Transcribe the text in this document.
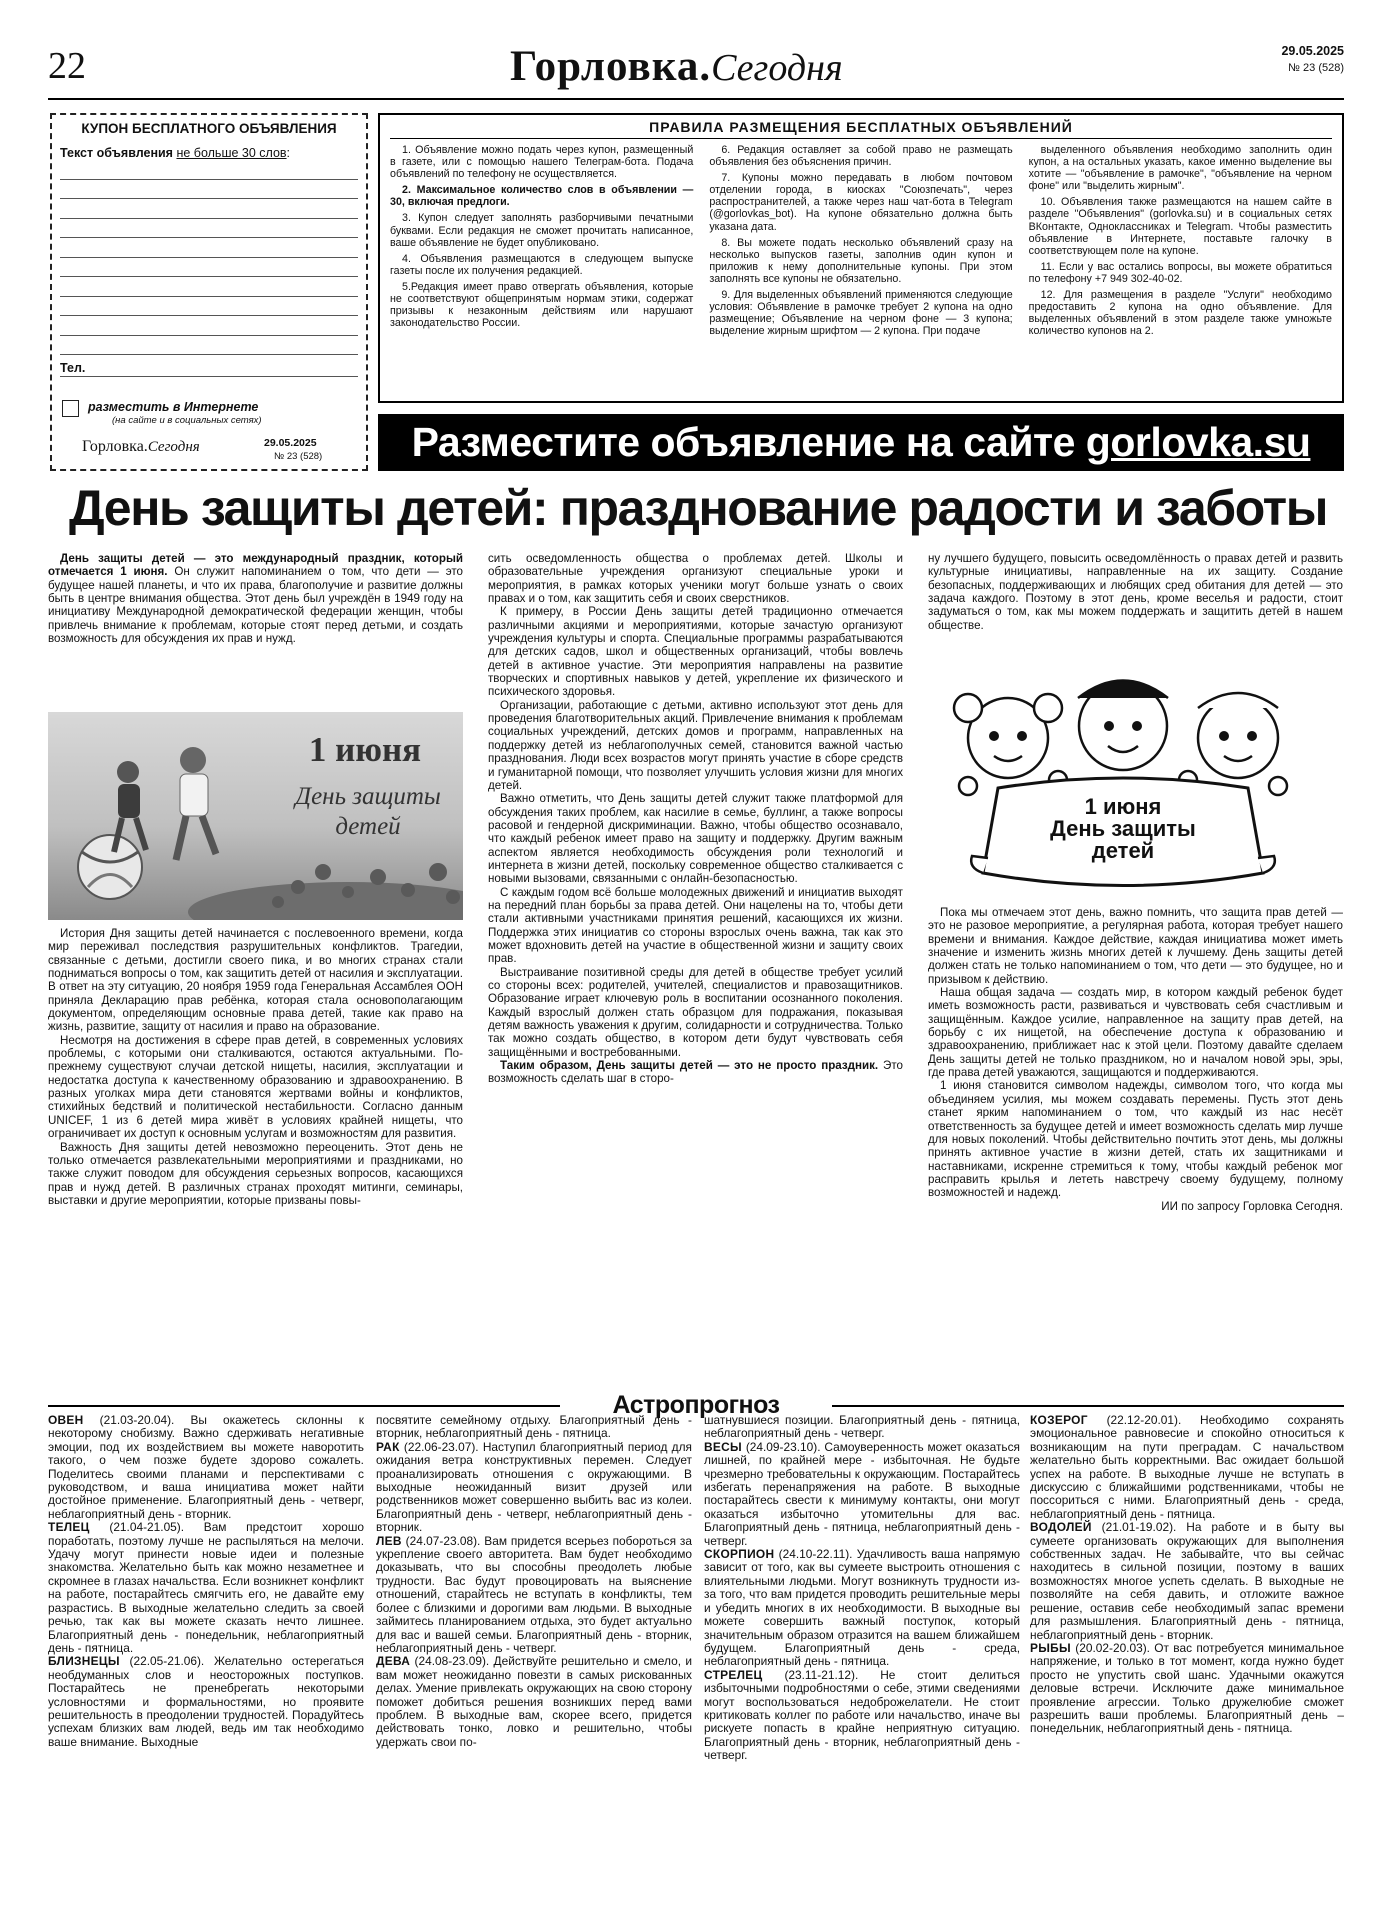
22	Горловка.Сегодня	29.05.2025
№ 23 (528)
КУПОН БЕСПЛАТНОГО ОБЪЯВЛЕНИЯ
Текст объявления не больше 30 слов:
Тел.
разместить в Интернете
(на сайте и в социальных сетях)
Горловка.Сегодня	29.05.2025
№ 23 (528)
ПРАВИЛА РАЗМЕЩЕНИЯ БЕСПЛАТНЫХ ОБЪЯВЛЕНИЙ

1. Объявление можно подать через купон, размещенный в газете, или с помощью нашего Телеграм-бота. Подача объявлений по телефону не осуществляется.

2. Максимальное количество слов в объявлении — 30, включая предлоги.

3. Купон следует заполнять разборчивыми печатными буквами. Если редакция не сможет прочитать написанное, ваше объявление не будет опубликовано.

4. Объявления размещаются в следующем выпуске газеты после их получения редакцией.

5.Редакция имеет право отвергать объявления, которые не соответствуют общепринятым нормам этики, содержат призывы к незаконным действиям или нарушают законодательство России.

6. Редакция оставляет за собой право не размещать объявления без объяснения причин.

7. Купоны можно передавать в любом почтовом отделении города, в киосках "Союзпечать", через распространителей, а также через наш чат-бота в Telegram (@gorlovkas_bot). На купоне обязательно должна быть указана дата.

8. Вы можете подать несколько объявлений сразу на несколько выпусков газеты, заполнив один купон и приложив к нему дополнительные купоны. При этом заполнять все купоны не обязательно.

9. Для выделенных объявлений применяются следующие условия: Объявление в рамочке требует 2 купона на одно размещение; Объявление на черном фоне — 3 купона; выделение жирным шрифтом — 2 купона. При подаче

выделенного объявления необходимо заполнить один купон, а на остальных указать, какое именно выделение вы хотите — "объявление в рамочке", "объявление на черном фоне" или "выделить жирным".

10. Объявления также размещаются на нашем сайте в разделе "Объявления" (gorlovka.su) и в социальных сетях ВКонтакте, Одноклассниках и Telegram. Чтобы разместить объявление в Интернете, поставьте галочку в соответствующем поле на купоне.

11. Если у вас остались вопросы, вы можете обратиться по телефону +7 949 302-40-02.

12. Для размещения в разделе "Услуги" необходимо предоставить 2 купона на одно объявление. Для выделенных объявлений в этом разделе также умножьте количество купонов на 2.

Разместите объявление на сайте gorlovka.su
День защиты детей: празднование радости и заботы

День защиты детей — это международный праздник, который отмечается 1 июня. Он служит напоминанием о том, что дети — это будущее нашей планеты, и что их права, благополучие и развитие должны быть в центре внимания общества. Этот день был учреждён в 1949 году на инициативу Международной демократической федерации женщин, чтобы привлечь внимание к проблемам, которые стоят перед детьми, и создать возможность для обсуждения их прав и нужд.

1 июня
День защиты детей

История Дня защиты детей начинается с послевоенного времени, когда мир переживал последствия разрушительных конфликтов. Трагедии, связанные с детьми, достигли своего пика, и во многих странах стали подниматься вопросы о том, как защитить детей от насилия и эксплуатации. В ответ на эту ситуацию, 20 ноября 1959 года Генеральная Ассамблея ООН приняла Декларацию прав ребёнка, которая стала основополагающим документом, определяющим основные права детей, такие как право на жизнь, развитие, защиту от насилия и право на образование.

Несмотря на достижения в сфере прав детей, в современных условиях проблемы, с которыми они сталкиваются, остаются актуальными. По-прежнему существуют случаи детской нищеты, насилия, эксплуатации и недостатка доступа к качественному образованию и здравоохранению. В разных уголках мира дети становятся жертвами войны и конфликтов, стихийных бедствий и политической нестабильности. Согласно данным UNICEF, 1 из 6 детей мира живёт в условиях крайней нищеты, что ограничивает их доступ к основным услугам и возможностям для развития.

Важность Дня защиты детей невозможно переоценить. Этот день не только отмечается развлекательными мероприятиями и праздниками, но также служит поводом для обсуждения серьезных вопросов, касающихся прав и нужд детей. В различных странах проходят митинги, семинары, выставки и другие мероприятии, которые призваны повы-

сить осведомленность общества о проблемах детей. Школы и образовательные учреждения организуют специальные уроки и мероприятия, в рамках которых ученики могут больше узнать о своих правах и о том, как защитить себя и своих сверстников.

К примеру, в России День защиты детей традиционно отмечается различными акциями и мероприятиями, которые зачастую организуют учреждения культуры и спорта. Специальные программы разрабатываются для детских садов, школ и общественных организаций, чтобы вовлечь детей в активное участие. Эти мероприятия направлены на развитие творческих и спортивных навыков у детей, укрепление их физического и психического здоровья.

Организации, работающие с детьми, активно используют этот день для проведения благотворительных акций. Привлечение внимания к проблемам социальных учреждений, детских домов и программ, направленных на поддержку детей из неблагополучных семей, становится важной частью празднования. Люди всех возрастов могут принять участие в сборе средств и гуманитарной помощи, что позволяет улучшить условия жизни для многих детей.

Важно отметить, что День защиты детей служит также платформой для обсуждения таких проблем, как насилие в семье, буллинг, а также вопросы расовой и гендерной дискриминации. Важно, чтобы общество осознавало, что каждый ребенок имеет право на защиту и поддержку. Другим важным аспектом является необходимость обсуждения роли технологий и интернета в жизни детей, поскольку современное общество сталкивается с новыми вызовами, связанными с онлайн-безопасностью.

С каждым годом всё больше молодежных движений и инициатив выходят на передний план борьбы за права детей. Они нацелены на то, чтобы дети стали активными участниками принятия решений, касающихся их жизни. Поддержка этих инициатив со стороны взрослых очень важна, так как это может вдохновить детей на участие в общественной жизни и защиту своих прав.

Выстраивание позитивной среды для детей в обществе требует усилий со стороны всех: родителей, учителей, специалистов и правозащитников. Образование играет ключевую роль в воспитании осознанного поколения. Каждый взрослый должен стать образцом для подражания, показывая детям важность уважения к другим, солидарности и сотрудничества. Только так можно создать общество, в котором дети будут чувствовать себя защищёнными и востребованными.

Таким образом, День защиты детей — это не просто праздник. Это возможность сделать шаг в сторо-

ну лучшего будущего, повысить осведомлённость о правах детей и развить культурные инициативы, направленные на их защиту. Создание безопасных, поддерживающих и любящих сред обитания для детей — это задача каждого. Поэтому в этот день, кроме веселья и радости, стоит задуматься о том, как мы можем поддержать и защитить детей в нашем обществе.

1 июня
День защиты
детей

Пока мы отмечаем этот день, важно помнить, что защита прав детей — это не разовое мероприятие, а регулярная работа, которая требует нашего времени и внимания. Каждое действие, каждая инициатива может иметь значение и изменить жизнь многих детей к лучшему. День защиты детей должен стать не только напоминанием о том, что дети — это будущее, но и призывом к действию.

Наша общая задача — создать мир, в котором каждый ребенок будет иметь возможность расти, развиваться и чувствовать себя счастливым и защищённым. Каждое усилие, направленное на защиту прав детей, на борьбу с их нищетой, на обеспечение доступа к образованию и здравоохранению, приближает нас к этой цели. Поэтому давайте сделаем День защиты детей не только праздником, но и началом новой эры, эры, где права детей уважаются, защищаются и поддерживаются.

1 июня становится символом надежды, символом того, что когда мы объединяем усилия, мы можем создавать перемены. Пусть этот день станет ярким напоминанием о том, что каждый из нас несёт ответственность за будущее детей и имеет возможность сделать мир лучше для новых поколений. Чтобы действительно почтить этот день, мы должны принять активное участие в жизни детей, стать их защитниками и наставниками, искренне стремиться к тому, чтобы каждый ребенок мог расправить крылья и лететь навстречу своему будущему, полному возможностей и надежд.

ИИ по запросу Горловка Сегодня.

Астропрогноз
ОВЕН (21.03-20.04). Вы окажетесь склонны к некоторому снобизму. Важно сдерживать негативные эмоции, под их воздействием вы можете наворотить такого, о чем позже будете здорово сожалеть. Поделитесь своими планами и перспективами с руководством, и ваша инициатива может найти достойное применение. Благоприятный день - четверг, неблагоприятный день - вторник.
ТЕЛЕЦ (21.04-21.05). Вам предстоит хорошо поработать, поэтому лучше не распыляться на мелочи. Удачу могут принести новые идеи и полезные знакомства. Желательно быть как можно незаметнее и скромнее в глазах начальства. Если возникнет конфликт на работе, постарайтесь смягчить его, не давайте ему разрастись. В выходные желательно следить за своей речью, так как вы можете сказать нечто лишнее. Благоприятный день - понедельник, неблагоприятный день - пятница.
БЛИЗНЕЦЫ (22.05-21.06). Желательно остерегаться необдуманных слов и неосторожных поступков. Постарайтесь не пренебрегать некоторыми условностями и формальностями, но проявите решительность в преодолении трудностей. Порадуйтесь успехам близких вам людей, ведь им так необходимо ваше внимание. Выходные
посвятите семейному отдыху. Благоприятный день - вторник, неблагоприятный день - пятница.
РАК (22.06-23.07). Наступил благоприятный период для ожидания ветра конструктивных перемен. Следует проанализировать отношения с окружающими. В выходные неожиданный визит друзей или родственников может совершенно выбить вас из колеи. Благоприятный день - четверг, неблагоприятный день - вторник.
ЛЕВ (24.07-23.08). Вам придется всерьез побороться за укрепление своего авторитета. Вам будет необходимо доказывать, что вы способны преодолеть любые трудности. Вас будут провоцировать на выяснение отношений, старайтесь не вступать в конфликты, тем более с близкими и дорогими вам людьми. В выходные займитесь планированием отдыха, это будет актуально для вас и вашей семьи. Благоприятный день - вторник, неблагоприятный день - четверг.
ДЕВА (24.08-23.09). Действуйте решительно и смело, и вам может неожиданно повезти в самых рискованных делах. Умение привлекать окружающих на свою сторону поможет добиться решения возникших перед вами проблем. В выходные вам, скорее всего, придется действовать тонко, ловко и решительно, чтобы удержать свои по-
шатнувшиеся позиции. Благоприятный день - пятница, неблагоприятный день - четверг.
ВЕСЫ (24.09-23.10). Самоуверенность может оказаться лишней, по крайней мере - избыточная. Не будьте чрезмерно требовательны к окружающим. Постарайтесь избегать перенапряжения на работе. В выходные постарайтесь свести к минимуму контакты, они могут оказаться избыточно утомительны для вас. Благоприятный день - пятница, неблагоприятный день - четверг.
СКОРПИОН (24.10-22.11). Удачливость ваша напрямую зависит от того, как вы сумеете выстроить отношения с влиятельными людьми. Могут возникнуть трудности из-за того, что вам придется проводить решительные меры и убедить многих в их необходимости. В выходные вы можете совершить важный поступок, который значительным образом отразится на вашем ближайшем будущем. Благоприятный день - среда, неблагоприятный день - пятница.
СТРЕЛЕЦ (23.11-21.12). Не стоит делиться избыточными подробностями о себе, этими сведениями могут воспользоваться недоброжелатели. Не стоит критиковать коллег по работе или начальство, иначе вы рискуете попасть в крайне неприятную ситуацию. Благоприятный день - вторник, неблагоприятный день - четверг.
КОЗЕРОГ (22.12-20.01). Необходимо сохранять эмоциональное равновесие и спокойно относиться к возникающим на пути преградам. С начальством желательно быть корректными. Вас ожидает большой успех на работе. В выходные лучше не вступать в дискуссию с ближайшими родственниками, чтобы не поссориться с ними. Благоприятный день - среда, неблагоприятный день - пятница.
ВОДОЛЕЙ (21.01-19.02). На работе и в быту вы сумеете организовать окружающих для выполнения собственных задач. Не забывайте, что вы сейчас находитесь в сильной позиции, поэтому в ваших возможностях многое успеть сделать. В выходные не позволяйте на себя давить, и отложите важное решение, оставив себе необходимый запас времени для размышления. Благоприятный день - пятница, неблагоприятный день - вторник.
РЫБЫ (20.02-20.03). От вас потребуется минимальное напряжение, и только в тот момент, когда нужно будет просто не упустить свой шанс. Удачными окажутся деловые встречи. Исключите даже минимальное проявление агрессии. Только дружелюбие сможет разрешить ваши проблемы. Благоприятный день – понедельник, неблагоприятный день - пятница.
